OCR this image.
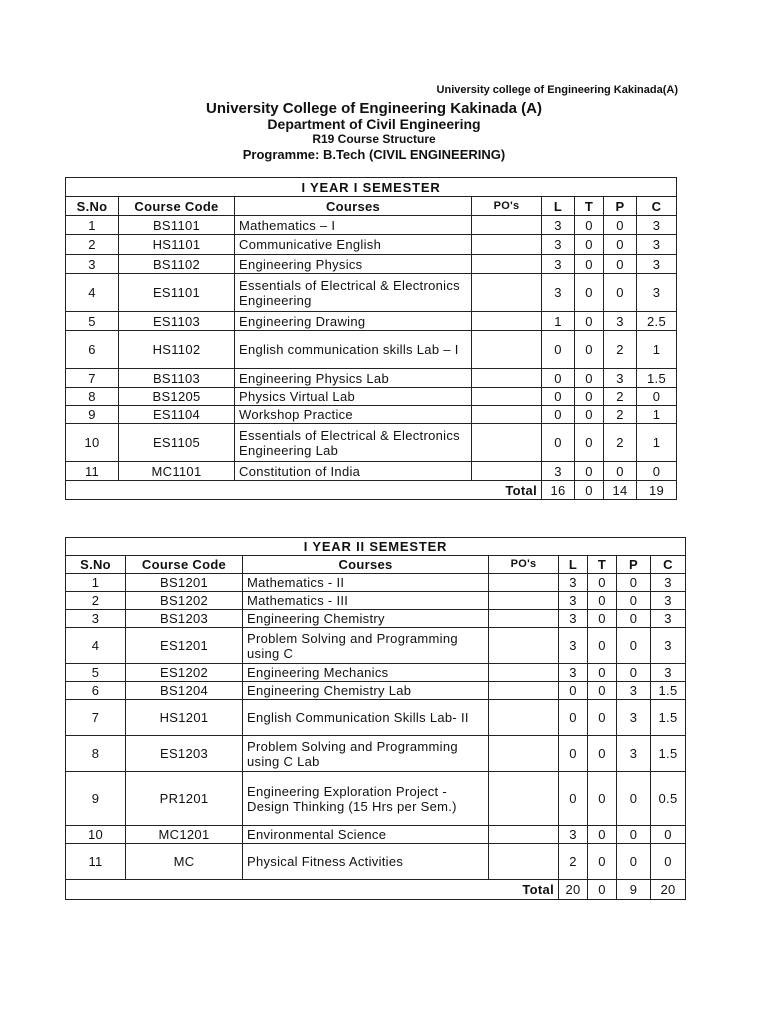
University college of Engineering Kakinada(A)
University College of Engineering Kakinada (A)
Department of Civil Engineering
R19 Course Structure
Programme: B.Tech (CIVIL ENGINEERING)
I YEAR I SEMESTER							
S.No	Course Code	Courses	PO's	L	T	P	C
1	BS1101	Mathematics – I		3	0	0	3
2	HS1101	Communicative English		3	0	0	3
3	BS1102	Engineering Physics		3	0	0	3
4	ES1101	Essentials of Electrical & Electronics Engineering		3	0	0	3
5	ES1103	Engineering Drawing		1	0	3	2.5
6	HS1102	English communication skills Lab – I		0	0	2	1
7	BS1103	Engineering Physics Lab		0	0	3	1.5
8	BS1205	Physics Virtual Lab		0	0	2	0
9	ES1104	Workshop Practice		0	0	2	1
10	ES1105	Essentials of Electrical & Electronics Engineering Lab		0	0	2	1
11	MC1101	Constitution of India		3	0	0	0
Total				16	0	14	19
I YEAR II SEMESTER							
S.No	Course Code	Courses	PO's	L	T	P	C
1	BS1201	Mathematics - II		3	0	0	3
2	BS1202	Mathematics - III		3	0	0	3
3	BS1203	Engineering Chemistry		3	0	0	3
4	ES1201	Problem Solving and Programming using C		3	0	0	3
5	ES1202	Engineering Mechanics		3	0	0	3
6	BS1204	Engineering Chemistry Lab		0	0	3	1.5
7	HS1201	English Communication Skills Lab- II		0	0	3	1.5
8	ES1203	Problem Solving and Programming using C Lab		0	0	3	1.5
9	PR1201	Engineering Exploration Project - Design Thinking (15 Hrs per Sem.)		0	0	0	0.5
10	MC1201	Environmental Science		3	0	0	0
11	MC	Physical Fitness Activities		2	0	0	0
Total				20	0	9	20
